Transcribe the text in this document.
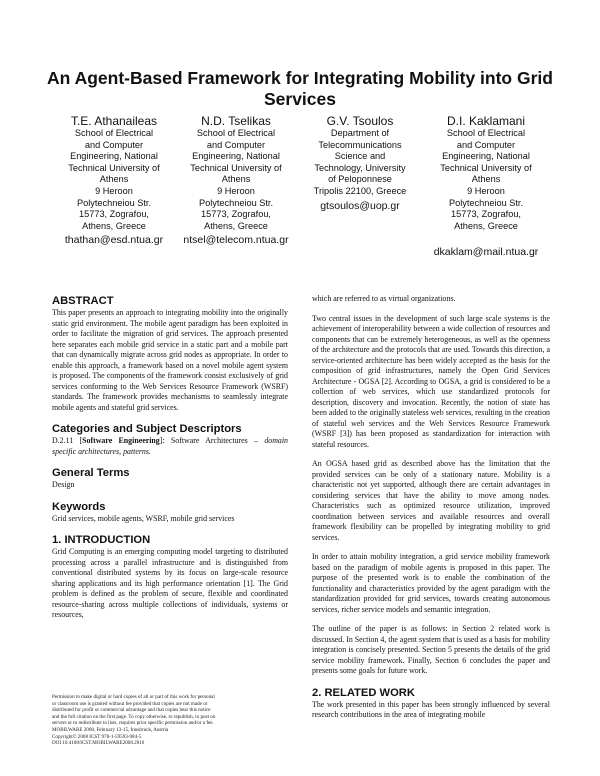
An Agent-Based Framework for Integrating Mobility into Grid Services
T.E. Athanaileas
School of Electrical
and Computer
Engineering, National
Technical University of
Athens
9 Heroon
Polytechneiou Str.
15773, Zografou,
Athens, Greece
thathan@esd.ntua.gr
N.D. Tselikas
School of Electrical
and Computer
Engineering, National
Technical University of
Athens
9 Heroon
Polytechneiou Str.
15773, Zografou,
Athens, Greece
ntsel@telecom.ntua.gr
G.V. Tsoulos
Department of
Telecommunications
Science and
Technology, University
of Peloponnese
Tripolis 22100, Greece
gtsoulos@uop.gr
D.I. Kaklamani
School of Electrical
and Computer
Engineering, National
Technical University of
Athens
9 Heroon
Polytechneiou Str.
15773, Zografou,
Athens, Greece
dkaklam@mail.ntua.gr
ABSTRACT

This paper presents an approach to integrating mobility into the originally static grid environment. The mobile agent paradigm has been exploited in order to facilitate the migration of grid services. The approach presented here separates each mobile grid service in a static part and a mobile part that can dynamically migrate across grid nodes as appropriate. In order to enable this approach, a framework based on a novel mobile agent system is proposed. The components of the framework consist exclusively of grid services conforming to the Web Services Resource Framework (WSRF) standards. The framework provides mechanisms to seamlessly integrate mobile agents and stateful grid services.

Categories and Subject Descriptors

D.2.11 [Software Engineering]: Software Architectures – domain specific architectures, patterns.

General Terms

Design

Keywords

Grid services, mobile agents, WSRF, mobile grid services

1. INTRODUCTION

Grid Computing is an emerging computing model targeting to distributed processing across a parallel infrastructure and is distinguished from conventional distributed systems by its focus on large-scale resource sharing applications and its high performance orientation [1]. The Grid problem is defined as the problem of secure, flexible and coordinated resource-sharing across multiple collections of individuals, systems or resources,

Permission to make digital or hard copies of all or part of this work for personal
or classroom use is granted without fee provided that copies are not made or
distributed for profit or commercial advantage and that copies bear this notice
and the full citation on the first page. To copy otherwise, to republish, to post on
servers or to redistribute to lists, requires prior specific permission and/or a fee.
MOBILWARE 2008, February 13-15, Innsbruck, Austria
Copyright© 2008 ICST 978-1-59593-984-5
DOI 10.4108/ICST.MOBILWARE2008.2810

which are referred to as virtual organizations.

Two central issues in the development of such large scale systems is the achievement of interoperability between a wide collection of resources and components that can be extremely heterogeneous, as well as the openness of the architecture and the protocols that are used. Towards this direction, a service-oriented architecture has been widely accepted as the basis for the composition of grid infrastructures, namely the Open Grid Services Architecture - OGSA [2]. According to OGSA, a grid is considered to be a collection of web services, which use standardized protocols for description, discovery and invocation. Recently, the notion of state has been added to the originally stateless web services, resulting in the creation of stateful web services and the Web Services Resource Framework (WSRF [3]) has been proposed as standardization for interaction with stateful resources.

An OGSA based grid as described above has the limitation that the provided services can be only of a stationary nature. Mobility is a characteristic not yet supported, although there are certain advantages in considering services that have the ability to move among nodes. Characteristics such as optimized resource utilization, improved coordination between services and available resources and overall framework flexibility can be propelled by integrating mobility to grid services.

In order to attain mobility integration, a grid service mobility framework based on the paradigm of mobile agents is proposed in this paper. The purpose of the presented work is to enable the combination of the functionality and characteristics provided by the agent paradigm with the standardization provided for grid services, towards creating autonomous services, richer service models and semantic integration.

The outline of the paper is as follows: in Section 2 related work is discussed. In Section 4, the agent system that is used as a basis for mobility integration is concisely presented. Section 5 presents the details of the grid service mobility framework. Finally, Section 6 concludes the paper and presents some goals for future work.

2. RELATED WORK

The work presented in this paper has been strongly influenced by several research contributions in the area of integrating mobile
